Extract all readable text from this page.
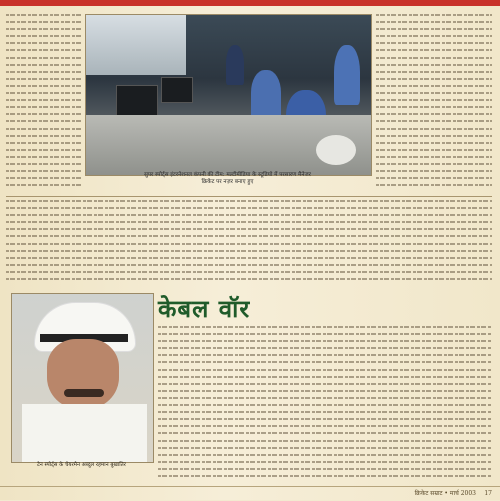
सुपर स्पोर्ट्स इंटरनेशनल कंपनी की टीम: मल्टीमीडिया के स्टूडियो में परसारण मैनेजर
क्रिकेट पर नज़र बनाए हुए
टेन स्पोर्ट्स के चेयरमैन अब्दुल रहमान बुखातिर
केबल वॉर
क्रिकेट सम्राट • मार्च 2003 17
